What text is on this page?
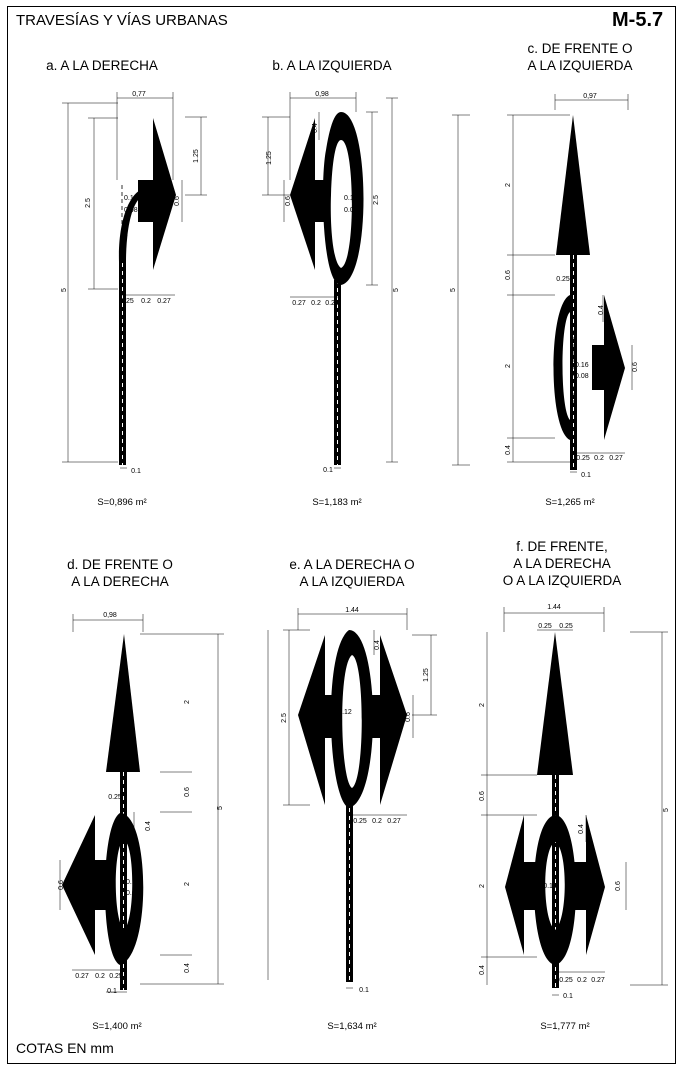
TRAVESÍAS Y VÍAS URBANAS	M-5.7
a. A LA DERECHA	b. A LA IZQUIERDA
c. DE FRENTE O
A LA IZQUIERDA
d. DE FRENTE O
A LA DERECHA
e. A LA DERECHA O
A LA IZQUIERDA
f. DE FRENTE,
A LA DERECHA
O A LA IZQUIERDA
S=0,896 m²	S=1,183 m²	S=1,265 m²
S=1,400 m²	S=1,634 m²	S=1,777 m²
0,77
2.5
1.25
5
0.12
0.08
0.6
0.25 0.2 0.27
0.1
0,98
0.4
1.25
2.5
0.6	0.12
0.08
5
0.27 0.2 0.25
0.1
0,97
2
0.6
5
0.25
0.4
2	0.16
0.08
0.6
0.4
0.25 0.2 0.27
0.1
0,98
2
0.25
0.6
5
0.4
0.6	0.18
0.08
2
0.4
0.27 0.2 0.25
0.1
1.44
0.4
1.25
2.5
0.12	0.6
0.25 0.2 0.27
0.1
1.44
0.25 0.25
2
0.6
5
0.4
0.16	0.6
2
0.4
0.25 0.2 0.27
0.1
COTAS EN mm
